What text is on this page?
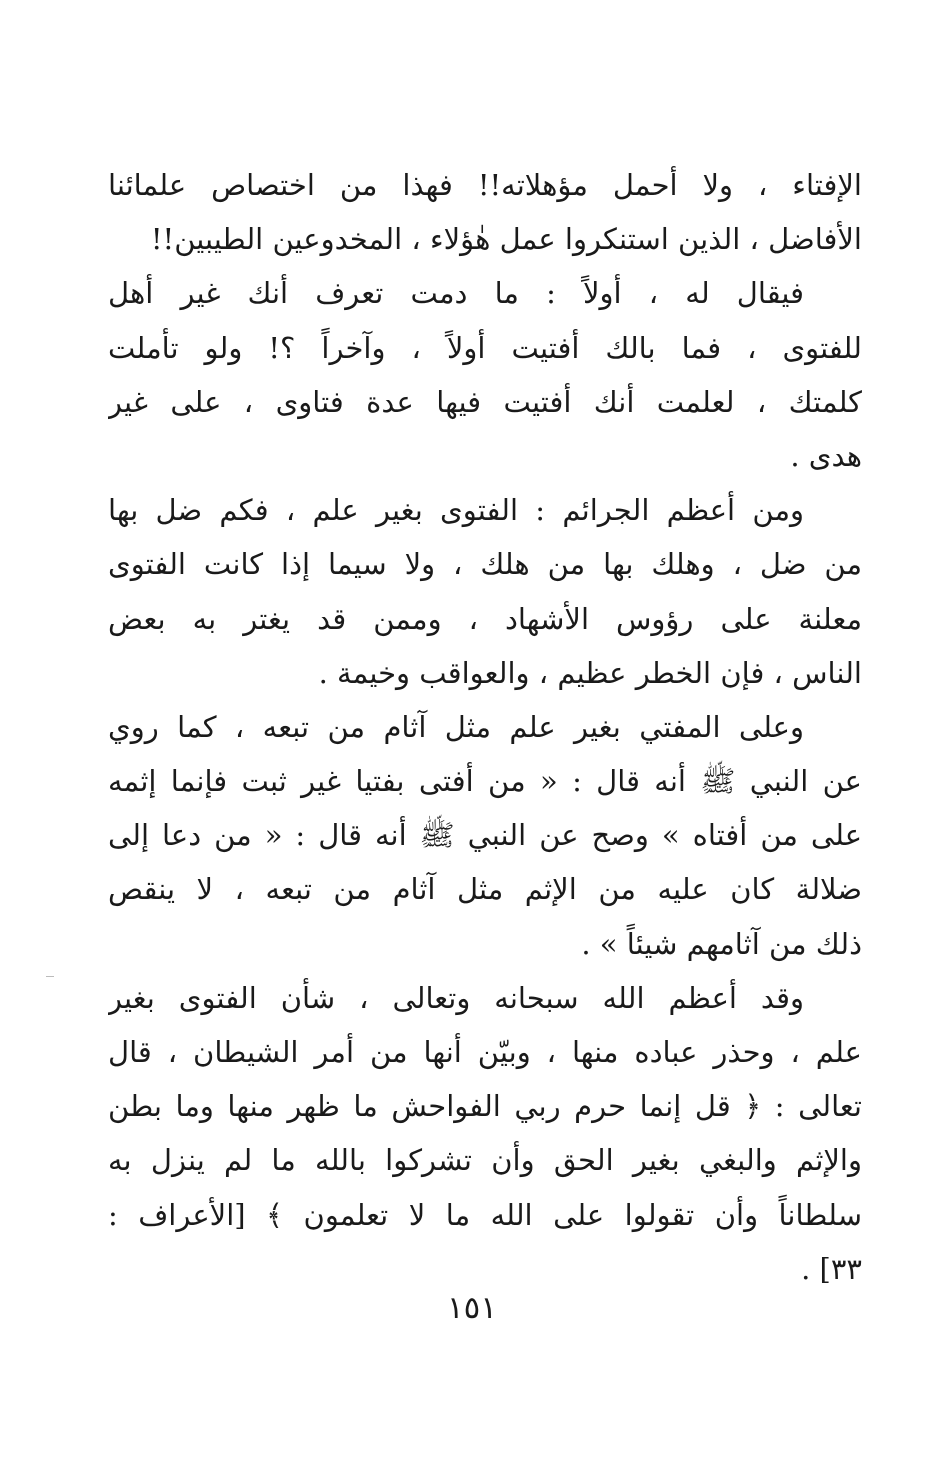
الإفتاء ، ولا أحمل مؤهلاته!! فهذا من اختصاص علمائنا
الأفاضل ، الذين استنكروا عمل هٰؤلاء ، المخدوعين الطيبين!!
فيقال له ، أولاً : ما دمت تعرف أنك غير أهل
للفتوى ، فما بالك أفتيت أولاً ، وآخراً ؟! ولو تأملت
كلمتك ، لعلمت أنك أفتيت فيها عدة فتاوى ، على غير
هدى .
ومن أعظم الجرائم : الفتوى بغير علم ، فكم ضل بها
من ضل ، وهلك بها من هلك ، ولا سيما إذا كانت الفتوى
معلنة على رؤوس الأشهاد ، وممن قد يغتر به بعض
الناس ، فإن الخطر عظيم ، والعواقب وخيمة .
وعلى المفتي بغير علم مثل آثام من تبعه ، كما روي
عن النبي ﷺ أنه قال : « من أفتى بفتيا غير ثبت فإنما إثمه
على من أفتاه » وصح عن النبي ﷺ أنه قال : « من دعا إلى
ضلالة كان عليه من الإثم مثل آثام من تبعه ، لا ينقص
ذلك من آثامهم شيئاً » .
وقد أعظم الله سبحانه وتعالى ، شأن الفتوى بغير
علم ، وحذر عباده منها ، وبيّن أنها من أمر الشيطان ، قال
تعالى : ﴿ قل إنما حرم ربي الفواحش ما ظهر منها وما بطن
والإثم والبغي بغير الحق وأن تشركوا بالله ما لم ينزل به
سلطاناً وأن تقولوا على الله ما لا تعلمون ﴾ [الأعراف :
٣٣] .
١٥١
